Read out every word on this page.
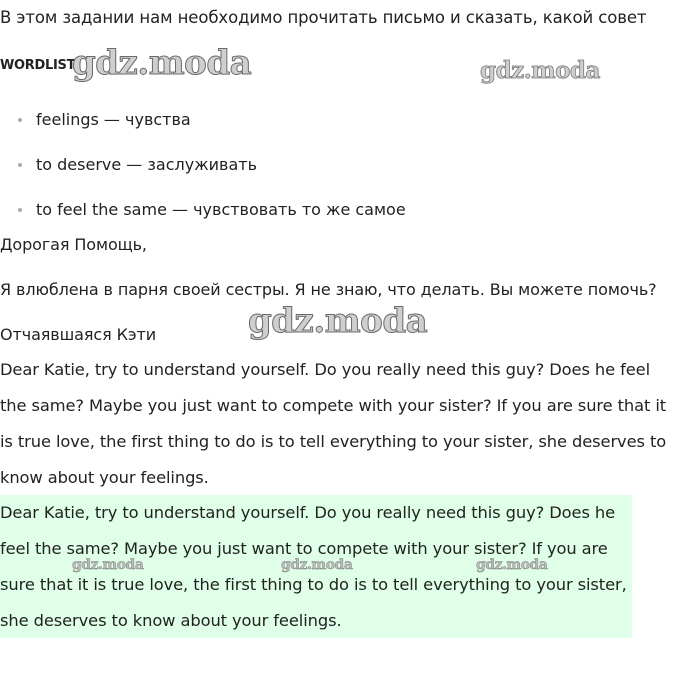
В этом задании нам необходимо прочитать письмо и сказать, какой совет
WORDLIST
gdz.moda	gdz.moda
feelings — чувства
to deserve — заслуживать
to feel the same — чувствовать то же самое
Дорогая Помощь,
Я влюблена в парня своей сестры. Я не знаю, что делать. Вы можете помочь?
Отчаявшаяся Кэти	gdz.moda
Dear Katie, try to understand yourself. Do you really need this guy? Does he feel the same? Maybe you just want to compete with your sister? If you are sure that it is true love, the first thing to do is to tell everything to your sister, she deserves to know about your feelings.
Dear Katie, try to understand yourself. Do you really need this guy? Does he feel the same? Maybe you just want to compete with your sister? If you are sure that it is true love, the first thing to do is to tell everything to your sister, she deserves to know about your feelings.
gdz.moda	gdz.moda	gdz.moda
